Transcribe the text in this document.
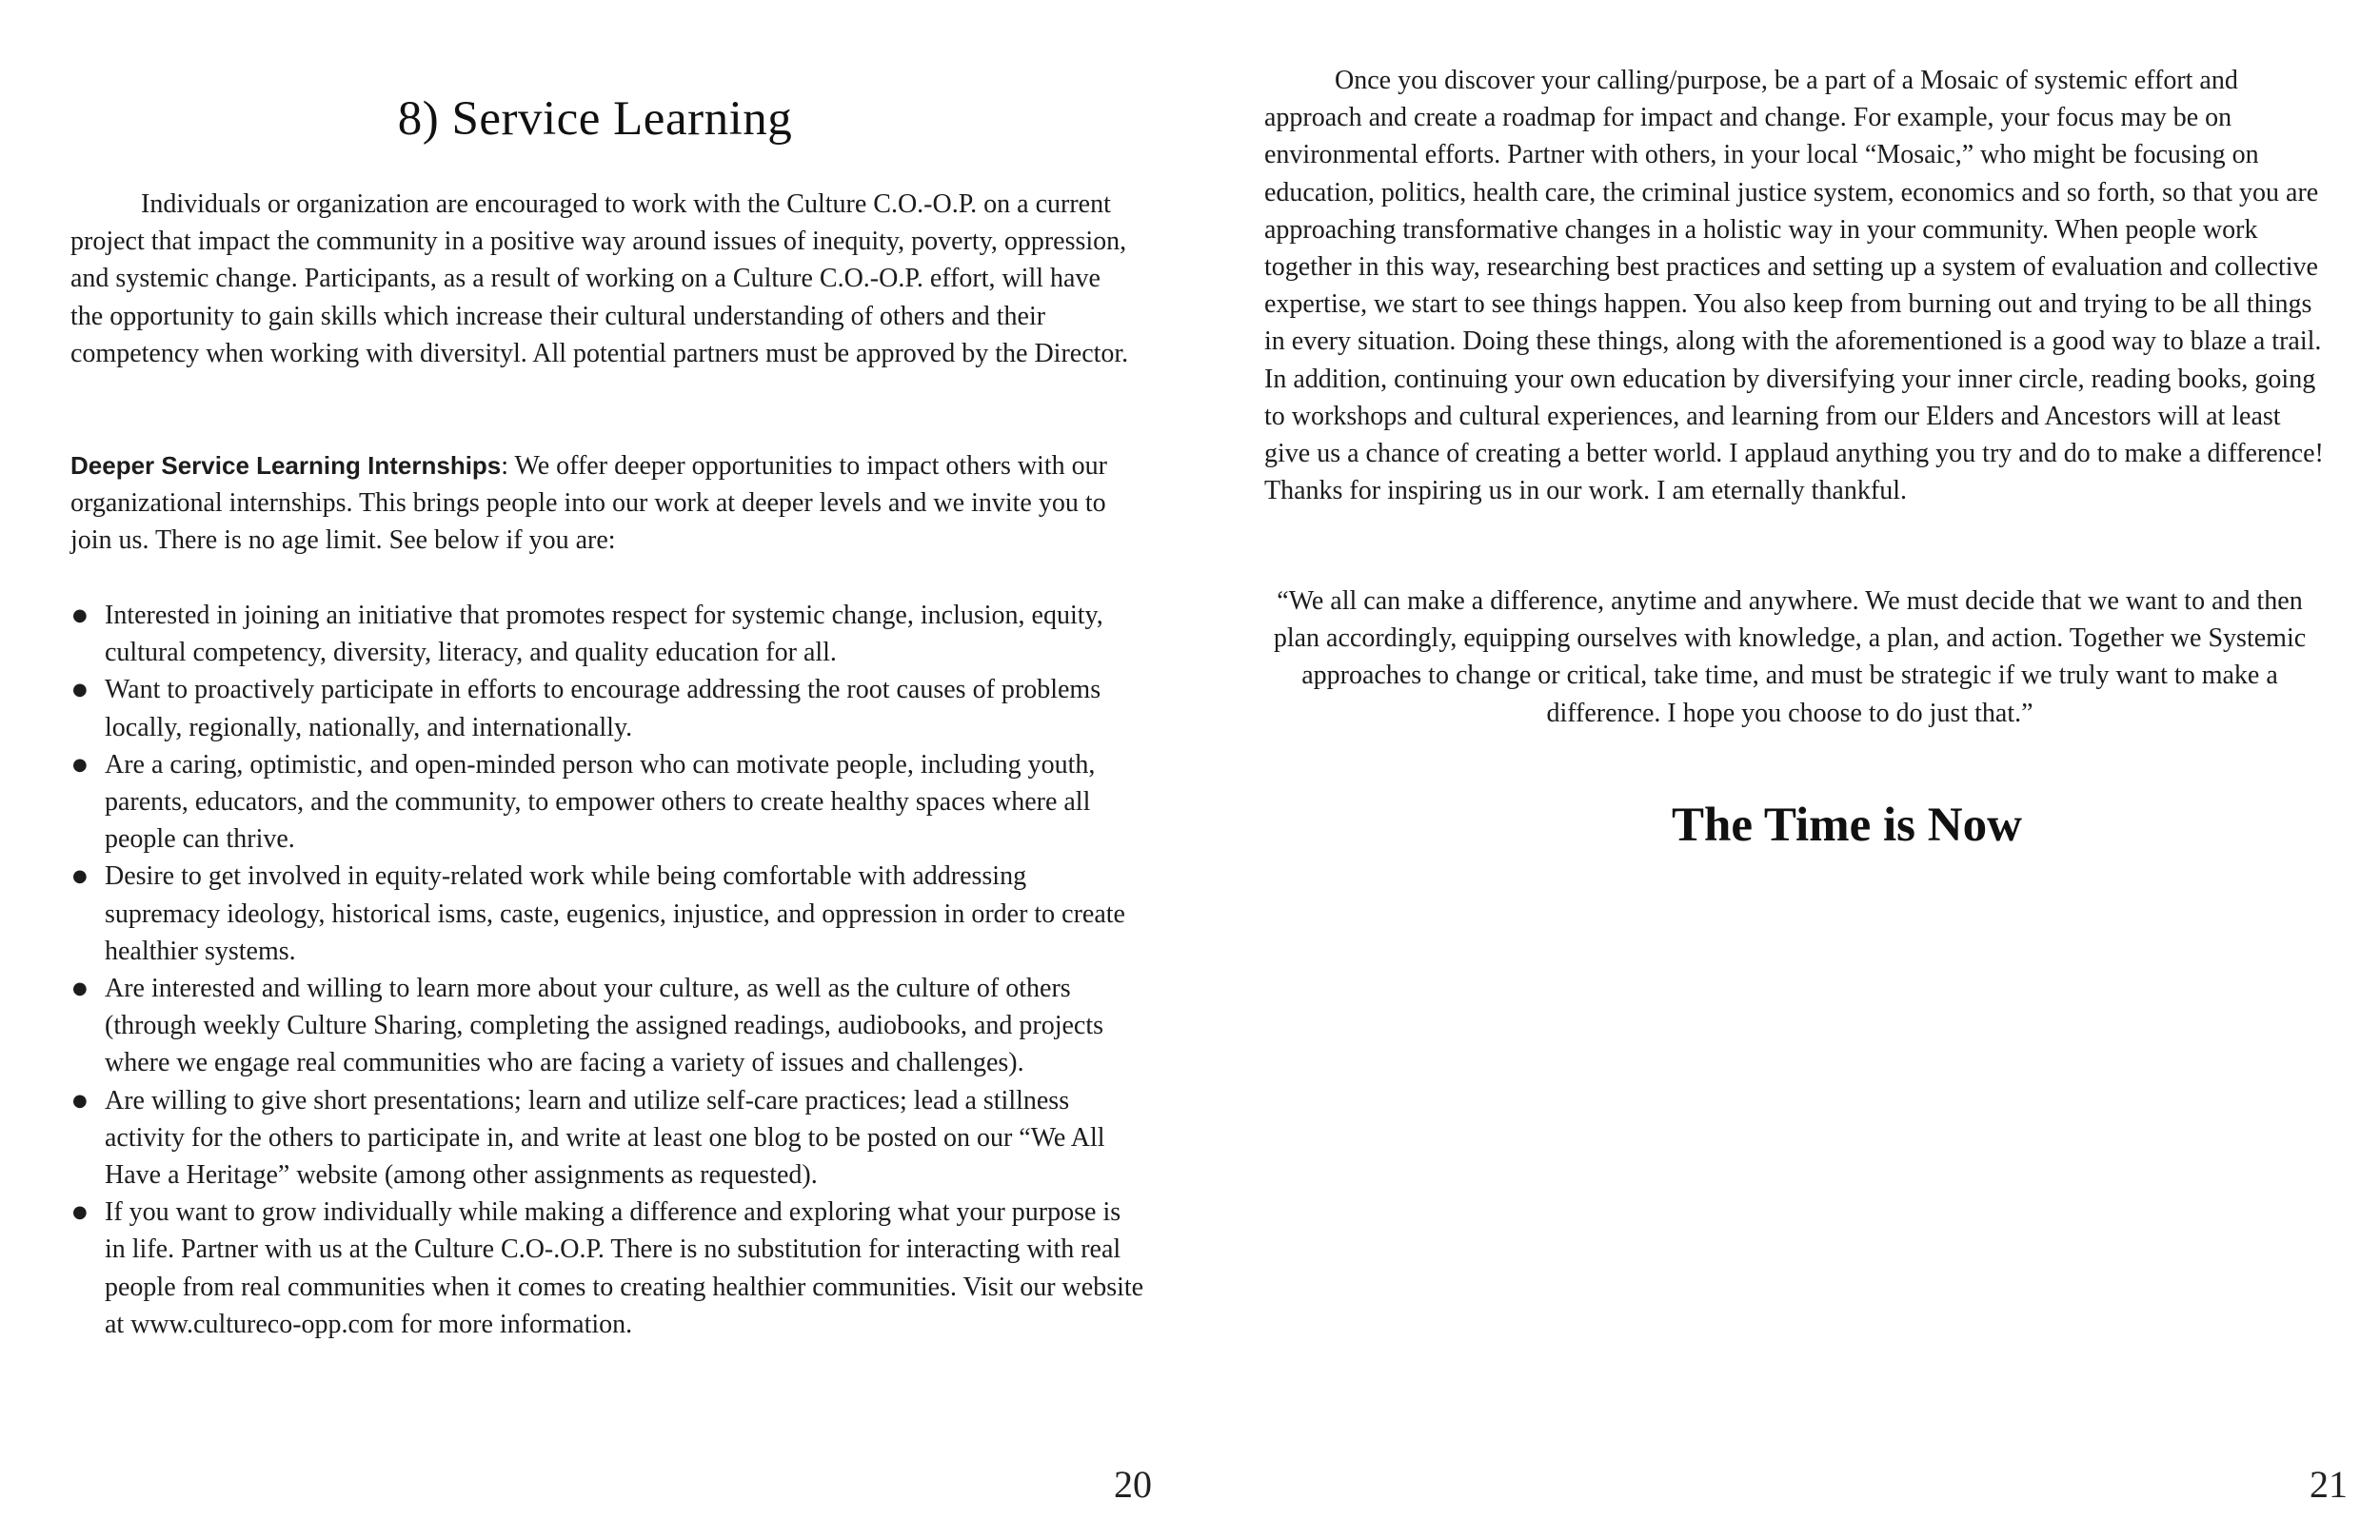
8) Service Learning

Individuals or organization are encouraged to work with the Culture C.O.-O.P. on a current project that impact the community in a positive way around issues of inequity, poverty, oppression, and systemic change. Participants, as a result of working on a Culture C.O.-O.P. effort, will have the opportunity to gain skills which increase their cultural understanding of others and their competency when working with diversityl. All potential partners must be approved by the Director.

Deeper Service Learning Internships: We offer deeper opportunities to impact others with our organizational internships. This brings people into our work at deeper levels and we invite you to join us. There is no age limit. See below if you are:

● Interested in joining an initiative that promotes respect for systemic change, inclusion, equity, cultural competency, diversity, literacy, and quality education for all.
● Want to proactively participate in efforts to encourage addressing the root causes of problems locally, regionally, nationally, and internationally.
● Are a caring, optimistic, and open-minded person who can motivate people, including youth, parents, educators, and the community, to empower others to create healthy spaces where all people can thrive.
● Desire to get involved in equity-related work while being comfortable with addressing supremacy ideology, historical isms, caste, eugenics, injustice, and oppression in order to create healthier systems.
● Are interested and willing to learn more about your culture, as well as the culture of others (through weekly Culture Sharing, completing the assigned readings, audiobooks, and projects where we engage real communities who are facing a variety of issues and challenges).
● Are willing to give short presentations; learn and utilize self-care practices; lead a stillness activity for the others to participate in, and write at least one blog to be posted on our “We All Have a Heritage” website (among other assignments as requested).
● If you want to grow individually while making a difference and exploring what your purpose is in life. Partner with us at the Culture C.O-.O.P. There is no substitution for interacting with real people from real communities when it comes to creating healthier communities. Visit our website at www.cultureco-opp.com for more information.
20

Once you discover your calling/purpose, be a part of a Mosaic of systemic effort and approach and create a roadmap for impact and change. For example, your focus may be on environmental efforts. Partner with others, in your local “Mosaic,” who might be focusing on education, politics, health care, the criminal justice system, economics and so forth, so that you are approaching transformative changes in a holistic way in your community. When people work together in this way, researching best practices and setting up a system of evaluation and collective expertise, we start to see things happen. You also keep from burning out and trying to be all things in every situation. Doing these things, along with the aforementioned is a good way to blaze a trail. In addition, continuing your own education by diversifying your inner circle, reading books, going to workshops and cultural experiences, and learning from our Elders and Ancestors will at least give us a chance of creating a better world. I applaud anything you try and do to make a difference! Thanks for inspiring us in our work. I am eternally thankful.

“We all can make a difference, anytime and anywhere. We must decide that we want to and then plan accordingly, equipping ourselves with knowledge, a plan, and action. Together we Systemic approaches to change or critical, take time, and must be strategic if we truly want to make a difference. I hope you choose to do just that.”

The Time is Now
21
